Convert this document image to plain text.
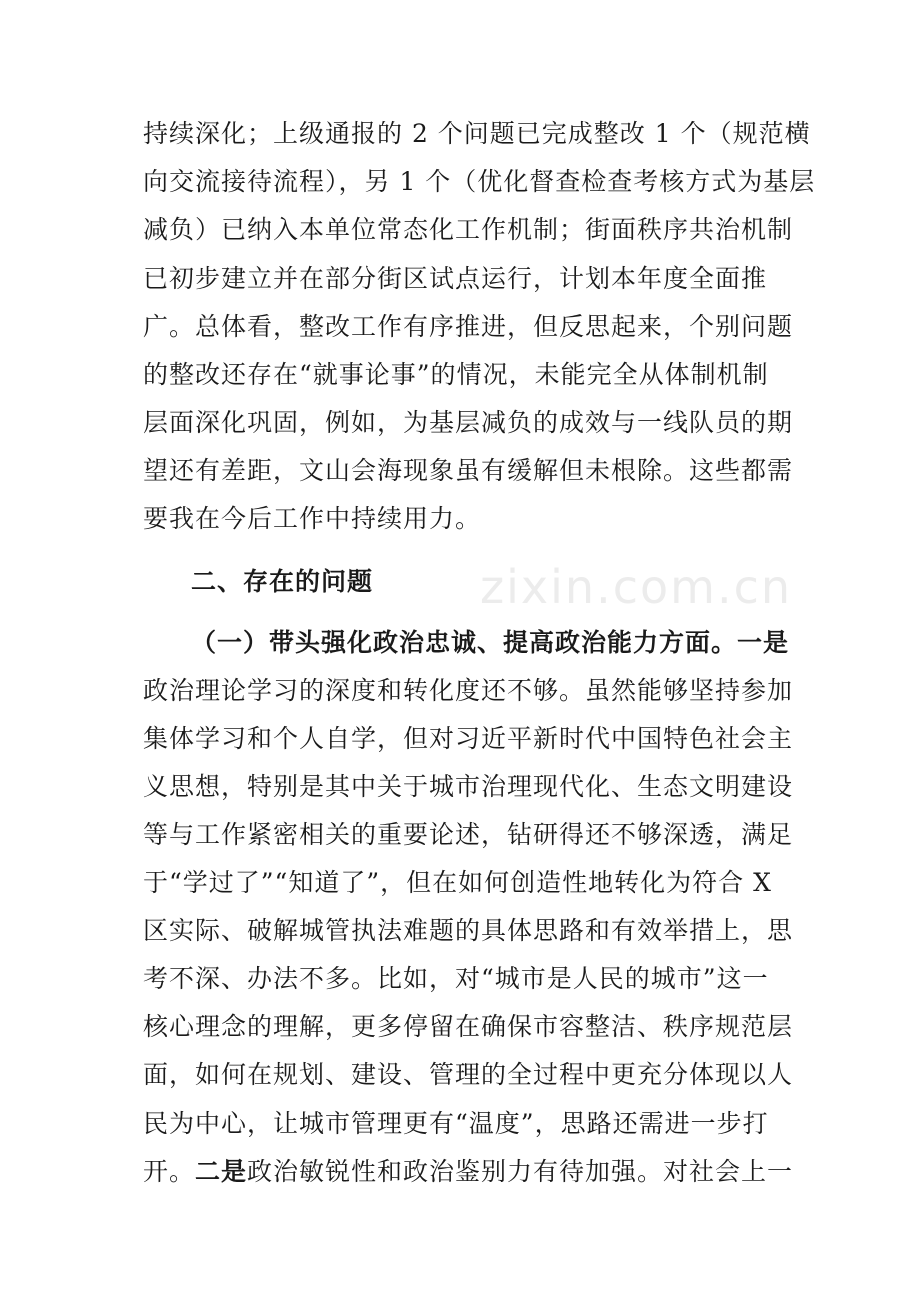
zixin.com.cn
持续深化；上级通报的 2 个问题已完成整改 1 个（规范横
向交流接待流程），另 1 个（优化督查检查考核方式为基层
减负）已纳入本单位常态化工作机制；街面秩序共治机制
已初步建立并在部分街区试点运行，计划本年度全面推
广。总体看，整改工作有序推进，但反思起来，个别问题
的整改还存在“就事论事”的情况，未能完全从体制机制
层面深化巩固，例如，为基层减负的成效与一线队员的期
望还有差距，文山会海现象虽有缓解但未根除。这些都需
要我在今后工作中持续用力。
二、存在的问题
（一）带头强化政治忠诚、提高政治能力方面。一是
政治理论学习的深度和转化度还不够。虽然能够坚持参加
集体学习和个人自学，但对习近平新时代中国特色社会主
义思想，特别是其中关于城市治理现代化、生态文明建设
等与工作紧密相关的重要论述，钻研得还不够深透，满足
于“学过了”“知道了”，但在如何创造性地转化为符合 X
区实际、破解城管执法难题的具体思路和有效举措上，思
考不深、办法不多。比如，对“城市是人民的城市”这一
核心理念的理解，更多停留在确保市容整洁、秩序规范层
面，如何在规划、建设、管理的全过程中更充分体现以人
民为中心，让城市管理更有“温度”，思路还需进一步打
开。二是政治敏锐性和政治鉴别力有待加强。对社会上一
